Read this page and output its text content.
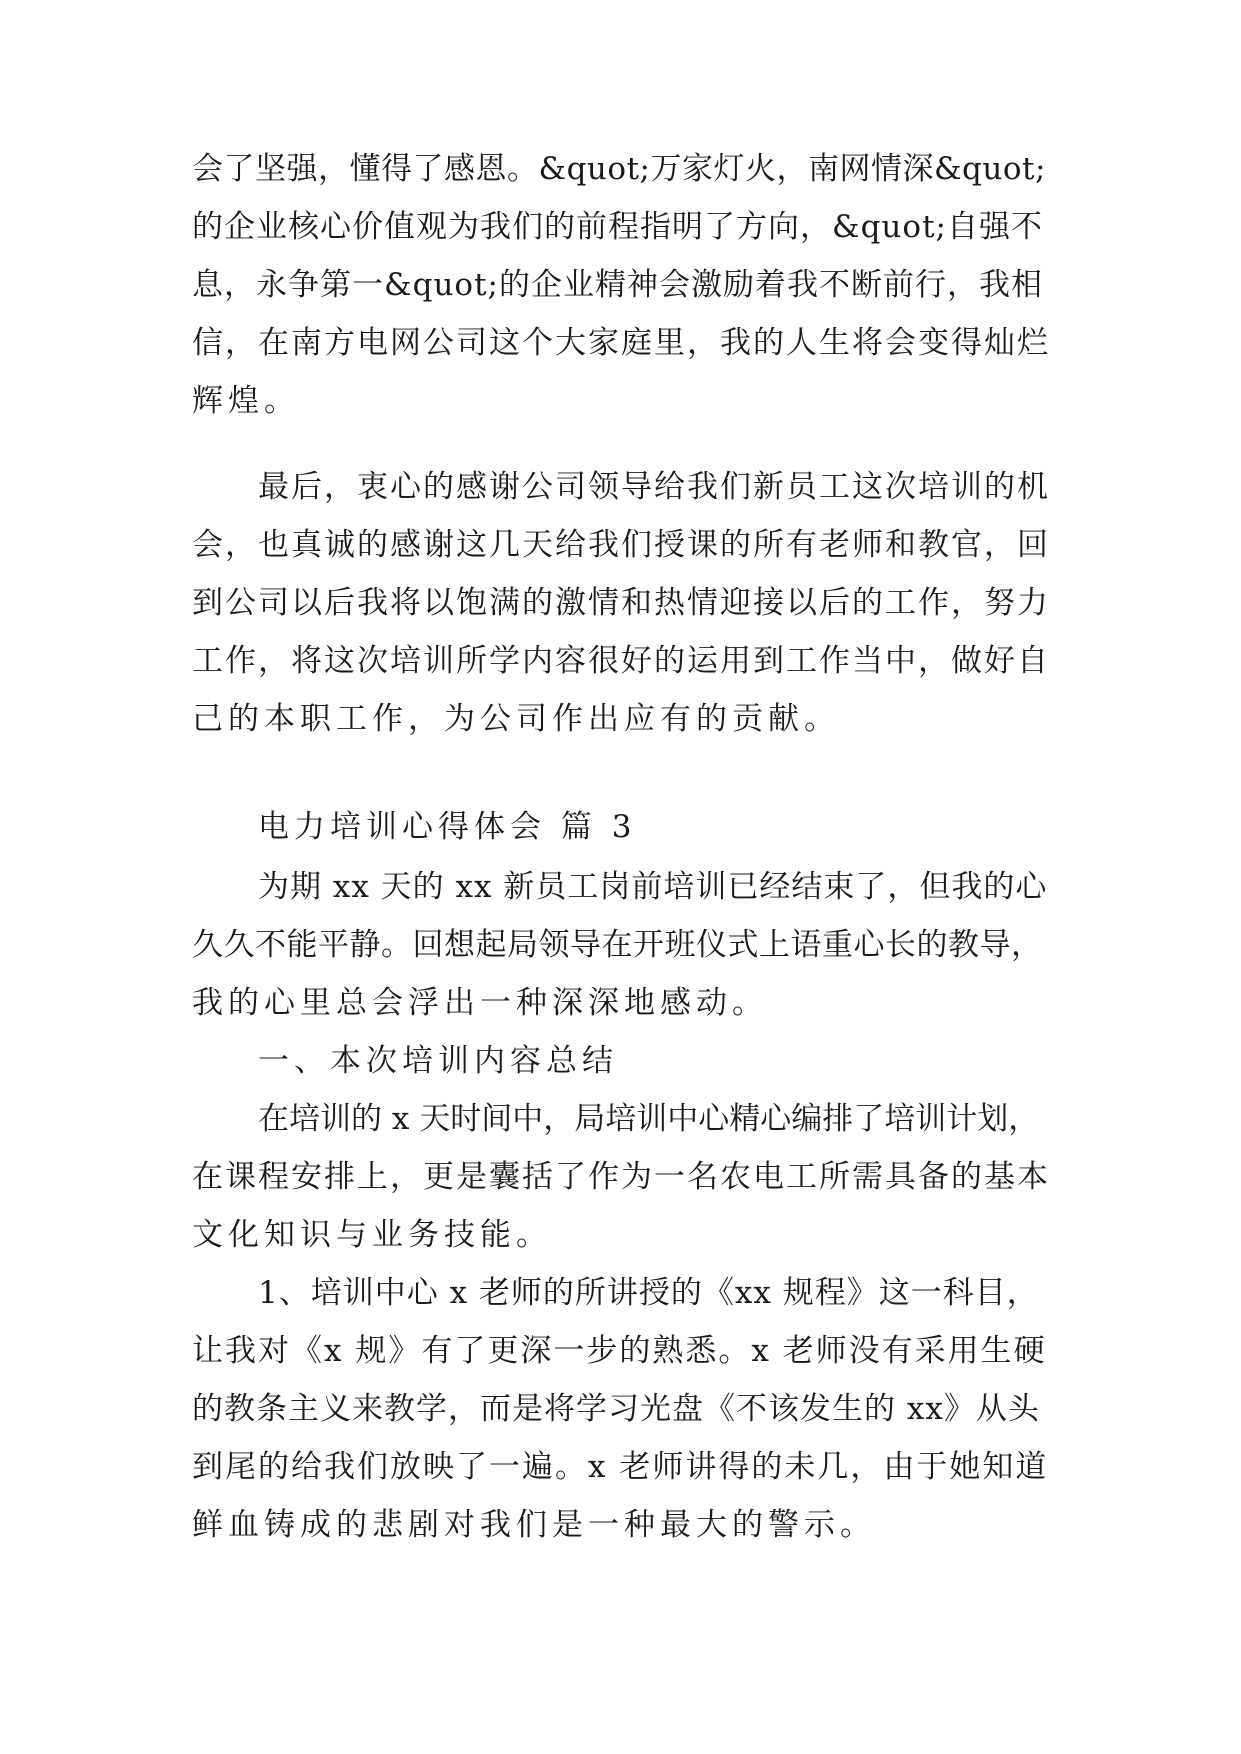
会了坚强，懂得了感恩。&quot;万家灯火，南网情深&quot;
的企业核心价值观为我们的前程指明了方向，&quot;自强不
息，永争第一&quot;的企业精神会激励着我不断前行，我相
信，在南方电网公司这个大家庭里，我的人生将会变得灿烂
辉煌。
最后，衷心的感谢公司领导给我们新员工这次培训的机
会，也真诚的感谢这几天给我们授课的所有老师和教官，回
到公司以后我将以饱满的激情和热情迎接以后的工作，努力
工作，将这次培训所学内容很好的运用到工作当中，做好自
己的本职工作，为公司作出应有的贡献。
电力培训心得体会 篇 3
为期 xx 天的 xx 新员工岗前培训已经结束了，但我的心
久久不能平静。回想起局领导在开班仪式上语重心长的教导，
我的心里总会浮出一种深深地感动。
一、本次培训内容总结
在培训的 x 天时间中，局培训中心精心编排了培训计划，
在课程安排上，更是囊括了作为一名农电工所需具备的基本
文化知识与业务技能。
1、培训中心 x 老师的所讲授的《xx 规程》这一科目，
让我对《x 规》有了更深一步的熟悉。x 老师没有采用生硬
的教条主义来教学，而是将学习光盘《不该发生的 xx》从头
到尾的给我们放映了一遍。x 老师讲得的未几，由于她知道
鲜血铸成的悲剧对我们是一种最大的警示。
